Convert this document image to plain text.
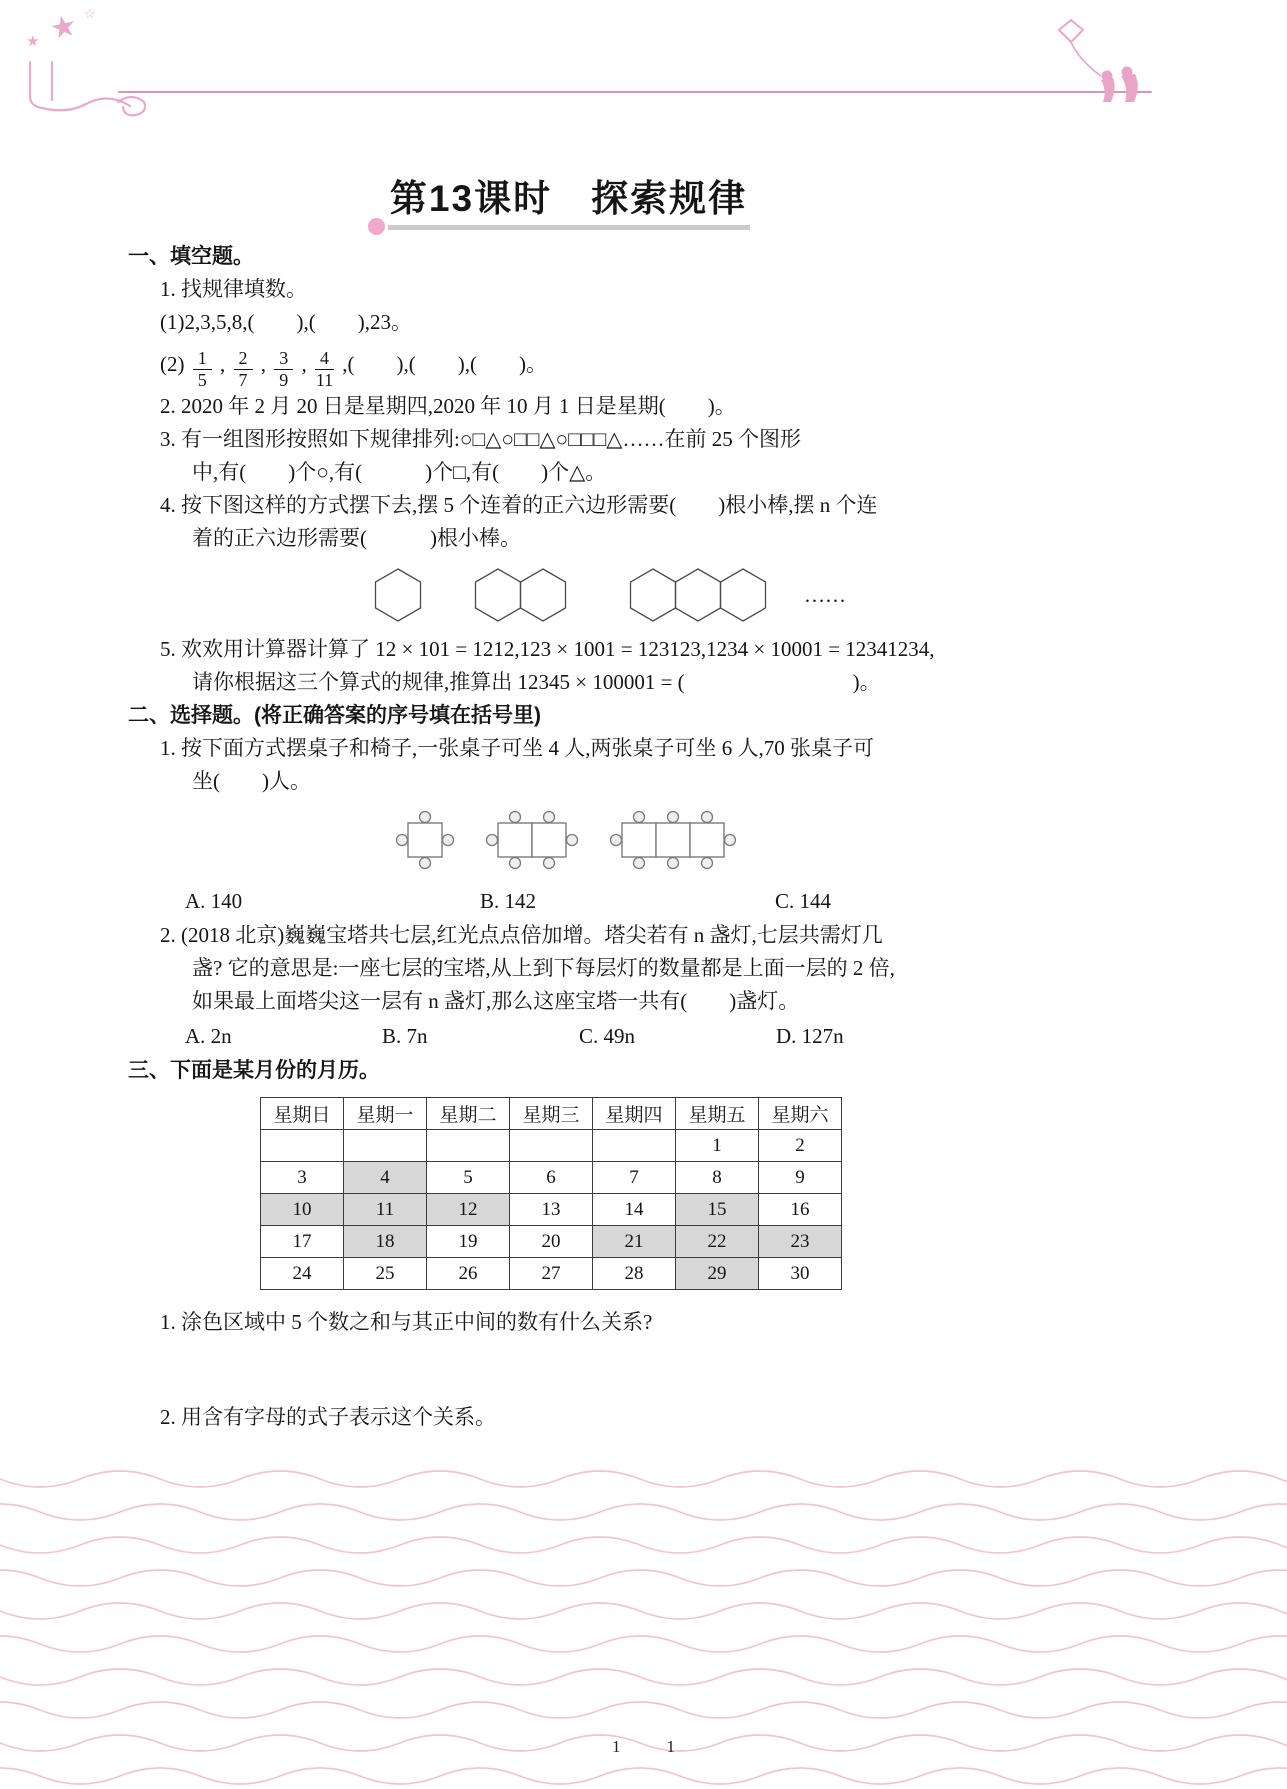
★
★
☆
第13课时　探索规律

一、填空题。

1. 找规律填数。

(1)2,3,5,8,(　　),(　　),23。

$(2) \frac{1}{5}$ , $\frac{2}{7}$ , $\frac{3}{9}$ , $\frac{4}{11}$ ,(　　),(　　),(　　)。

2. 2020 年 2 月 20 日是星期四,2020 年 10 月 1 日是星期(　　)。

3. 有一组图形按照如下规律排列:○□△○□□△○□□□△……在前 25 个图形

中,有(　　)个○,有(　　　)个□,有(　　)个△。

4. 按下图这样的方式摆下去,摆 5 个连着的正六边形需要(　　)根小棒,摆 n 个连

着的正六边形需要(　　　)根小棒。

……

5. 欢欢用计算器计算了 12 × 101 = 1212,123 × 1001 = 123123,1234 × 10001 = 12341234,

请你根据这三个算式的规律,推算出 12345 × 100001 = (　　　　　　　　)。

二、选择题。(将正确答案的序号填在括号里)

1. 按下面方式摆桌子和椅子,一张桌子可坐 4 人,两张桌子可坐 6 人,70 张桌子可

坐(　　)人。

A. 140	B. 142	C. 144

2. (2018 北京)巍巍宝塔共七层,红光点点倍加增。塔尖若有 n 盏灯,七层共需灯几

盏? 它的意思是:一座七层的宝塔,从上到下每层灯的数量都是上面一层的 2 倍,

如果最上面塔尖这一层有 n 盏灯,那么这座宝塔一共有(　　)盏灯。

A. 2n	B. 7n	C. 49n	D. 127n

三、下面是某月份的月历。

星期日	星期一	星期二	星期三	星期四	星期五	星期六
					1	2
3	4	5	6	7	8	9
10	11	12	13	14	15	16
17	18	19	20	21	22	23
24	25	26	27	28	29	30

1. 涂色区域中 5 个数之和与其正中间的数有什么关系?

2. 用含有字母的式子表示这个关系。

1	1
